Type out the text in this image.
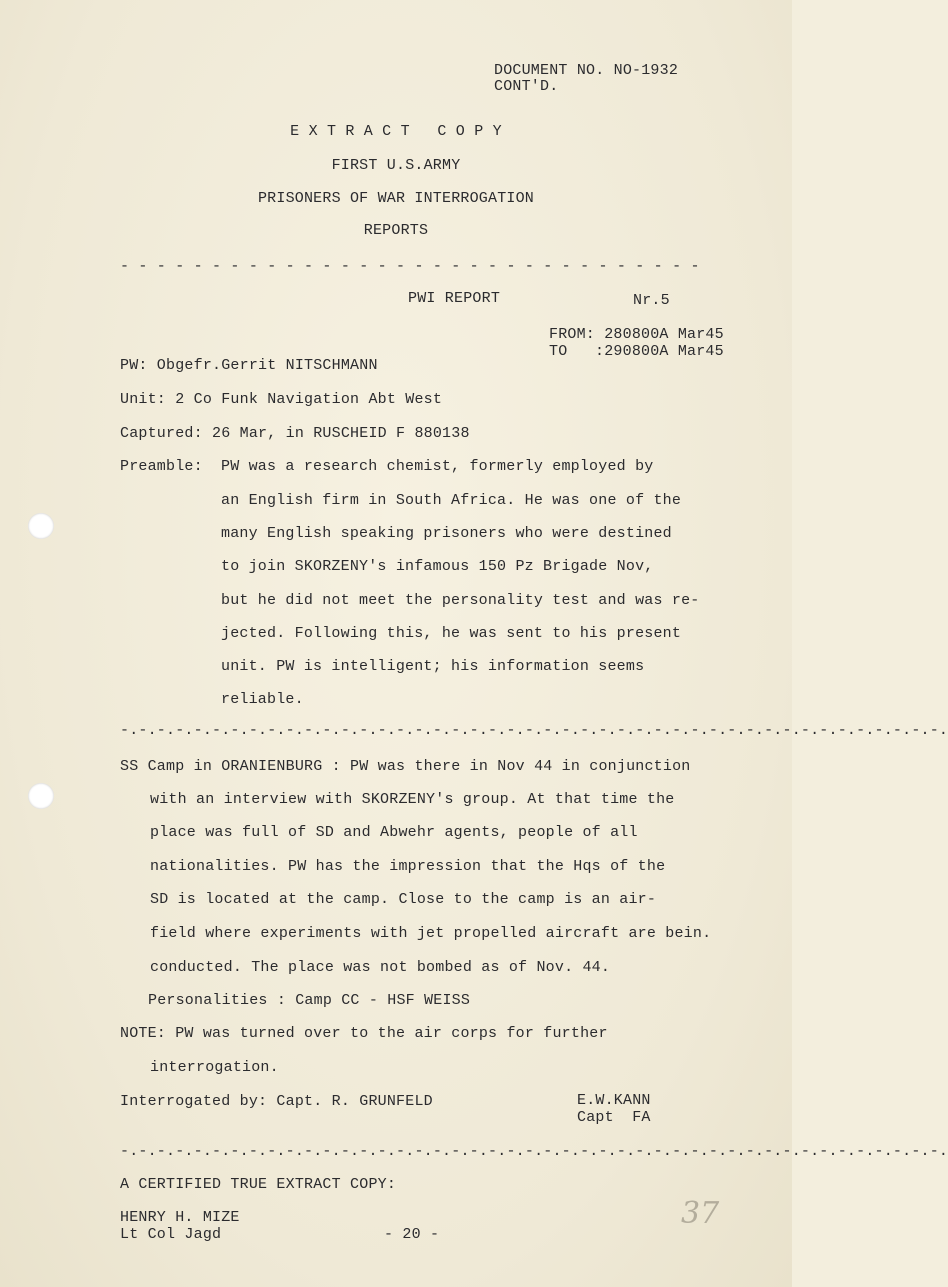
DOCUMENT NO. NO-1932
CONT'D.
E X T R A C T   C O P Y
FIRST U.S.ARMY
PRISONERS OF WAR INTERROGATION
REPORTS
- - - - - - - - - - - - - - - - - - - - - - - - - - - - - - - -
PWI REPORT	Nr.5
FROM: 280800A Mar45
TO   :290800A Mar45
PW: Obgefr.Gerrit NITSCHMANN
Unit: 2 Co Funk Navigation Abt West
Captured: 26 Mar, in RUSCHEID F 880138
Preamble: PW was a research chemist, formerly employed by
an English firm in South Africa. He was one of the
many English speaking prisoners who were destined
to join SKORZENY's infamous 150 Pz Brigade Nov,
but he did not meet the personality test and was re-
jected. Following this, he was sent to his present
unit. PW is intelligent; his information seems
reliable.
-.-.-.-.-.-.-.-.-.-.-.-.-.-.-.-.-.-.-.-.-.-.-.-.-.-.-.-.-.-.-.-.-.-.-.-.-.-.-.-.-.-.-.-.-.
SS Camp in ORANIENBURG : PW was there in Nov 44 in conjunction
with an interview with SKORZENY's group. At that time the
place was full of SD and Abwehr agents, people of all
nationalities. PW has the impression that the Hqs of the
SD is located at the camp. Close to the camp is an air-
field where experiments with jet propelled aircraft are bein.
conducted. The place was not bombed as of Nov. 44.
Personalities : Camp CC - HSF WEISS
NOTE: PW was turned over to the air corps for further
interrogation.
Interrogated by: Capt. R. GRUNFELD	E.W.KANN
Capt  FA
-.-.-.-.-.-.-.-.-.-.-.-.-.-.-.-.-.-.-.-.-.-.-.-.-.-.-.-.-.-.-.-.-.-.-.-.-.-.-.-.-.-.-.-.-.
A CERTIFIED TRUE EXTRACT COPY:
HENRY H. MIZE
Lt Col Jagd	- 20 -
37
